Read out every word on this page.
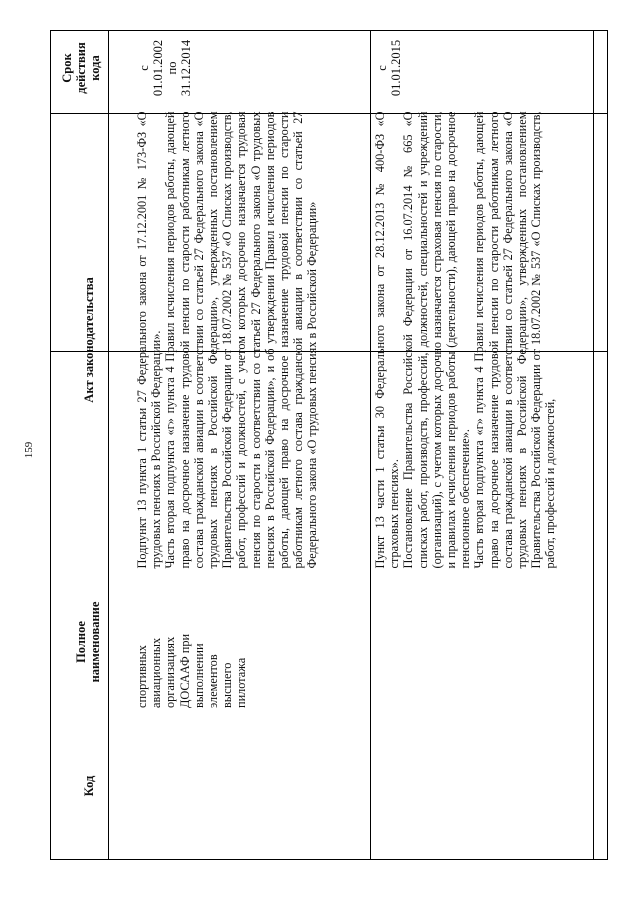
159
Срок действия кода
Акт законодательства
Полное наименование
Код
с 01.01.2002 по 31.12.2014

Подпункт 13 пункта 1 статьи 27 Федерального закона от 17.12.2001 № 173-ФЗ «О трудовых пенсиях в Российской Федерации». Часть вторая подпункта «г» пункта 4 Правил исчисления периодов работы, дающей право на досрочное назначение трудовой пенсии по старости работникам летного состава гражданской авиации в соответствии со статьей 27 Федерального закона «О трудовых пенсиях в Российской Федерации», утвержденных постановлением Правительства Российской Федерации от 18.07.2002 № 537 «О Списках производств, работ, профессий и должностей, с учетом которых досрочно назначается трудовая пенсия по старости в соответствии со статьей 27 Федерального закона «О трудовых пенсиях в Российской Федерации», и об утверждении Правил исчисления периодов работы, дающей право на досрочное назначение трудовой пенсии по старости работникам летного состава гражданской авиации в соответствии со статьей 27 Федерального закона «О трудовых пенсиях в Российской Федерации»

спортивных авиационных организациях ДОСААФ при выполнении элементов высшего пилотажа
с 01.01.2015

Пункт 13 части 1 статьи 30 Федерального закона от 28.12.2013 № 400-ФЗ «О страховых пенсиях». Постановление Правительства Российской Федерации от 16.07.2014 № 665 «О списках работ, производств, профессий, должностей, специальностей и учреждений (организаций), с учетом которых досрочно назначается страховая пенсия по старости, и правилах исчисления периодов работы (деятельности), дающей право на досрочное пенсионное обеспечение». Часть вторая подпункта «г» пункта 4 Правил исчисления периодов работы, дающей право на досрочное назначение трудовой пенсии по старости работникам летного состава гражданской авиации в соответствии со статьей 27 Федерального закона «О трудовых пенсиях в Российской Федерации», утвержденных постановлением Правительства Российской Федерации от 18.07.2002 № 537 «О Списках производств, работ, профессий и должностей,
